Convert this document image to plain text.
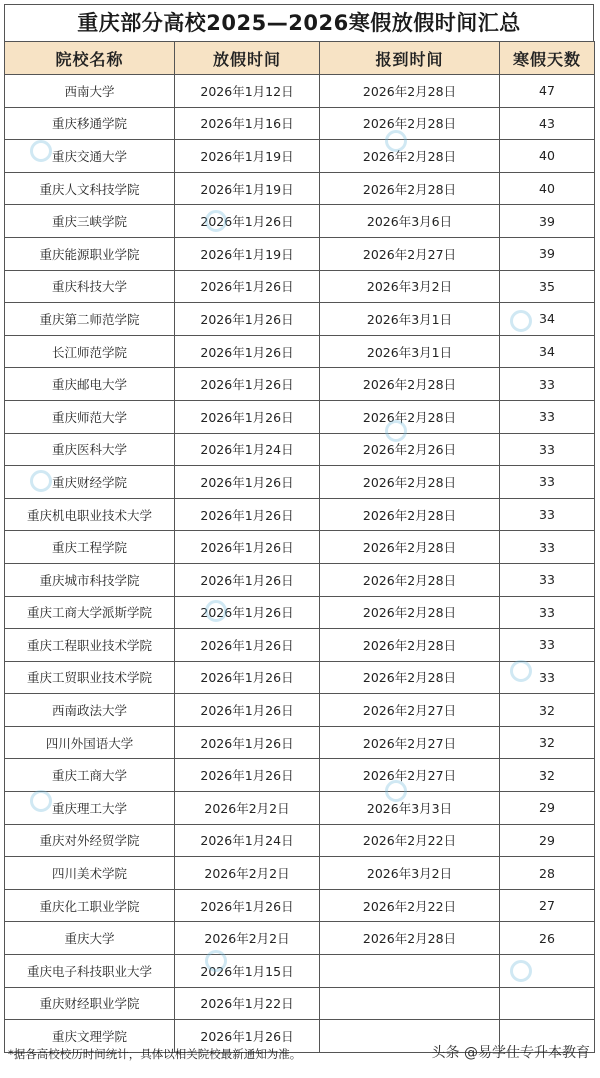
重庆部分高校2025—2026寒假放假时间汇总
院校名称	放假时间	报到时间	寒假天数
西南大学	2026年1月12日	2026年2月28日	47
重庆移通学院	2026年1月16日	2026年2月28日	43
重庆交通大学	2026年1月19日	2026年2月28日	40
重庆人文科技学院	2026年1月19日	2026年2月28日	40
重庆三峡学院	2026年1月26日	2026年3月6日	39
重庆能源职业学院	2026年1月19日	2026年2月27日	39
重庆科技大学	2026年1月26日	2026年3月2日	35
重庆第二师范学院	2026年1月26日	2026年3月1日	34
长江师范学院	2026年1月26日	2026年3月1日	34
重庆邮电大学	2026年1月26日	2026年2月28日	33
重庆师范大学	2026年1月26日	2026年2月28日	33
重庆医科大学	2026年1月24日	2026年2月26日	33
重庆财经学院	2026年1月26日	2026年2月28日	33
重庆机电职业技术大学	2026年1月26日	2026年2月28日	33
重庆工程学院	2026年1月26日	2026年2月28日	33
重庆城市科技学院	2026年1月26日	2026年2月28日	33
重庆工商大学派斯学院	2026年1月26日	2026年2月28日	33
重庆工程职业技术学院	2026年1月26日	2026年2月28日	33
重庆工贸职业技术学院	2026年1月26日	2026年2月28日	33
西南政法大学	2026年1月26日	2026年2月27日	32
四川外国语大学	2026年1月26日	2026年2月27日	32
重庆工商大学	2026年1月26日	2026年2月27日	32
重庆理工大学	2026年2月2日	2026年3月3日	29
重庆对外经贸学院	2026年1月24日	2026年2月22日	29
四川美术学院	2026年2月2日	2026年3月2日	28
重庆化工职业学院	2026年1月26日	2026年2月22日	27
重庆大学	2026年2月2日	2026年2月28日	26
重庆电子科技职业大学	2026年1月15日		
重庆财经职业学院	2026年1月22日		
重庆文理学院	2026年1月26日		
*据各高校校历时间统计，具体以相关院校最新通知为准。	头条 @易学仕专升本教育
